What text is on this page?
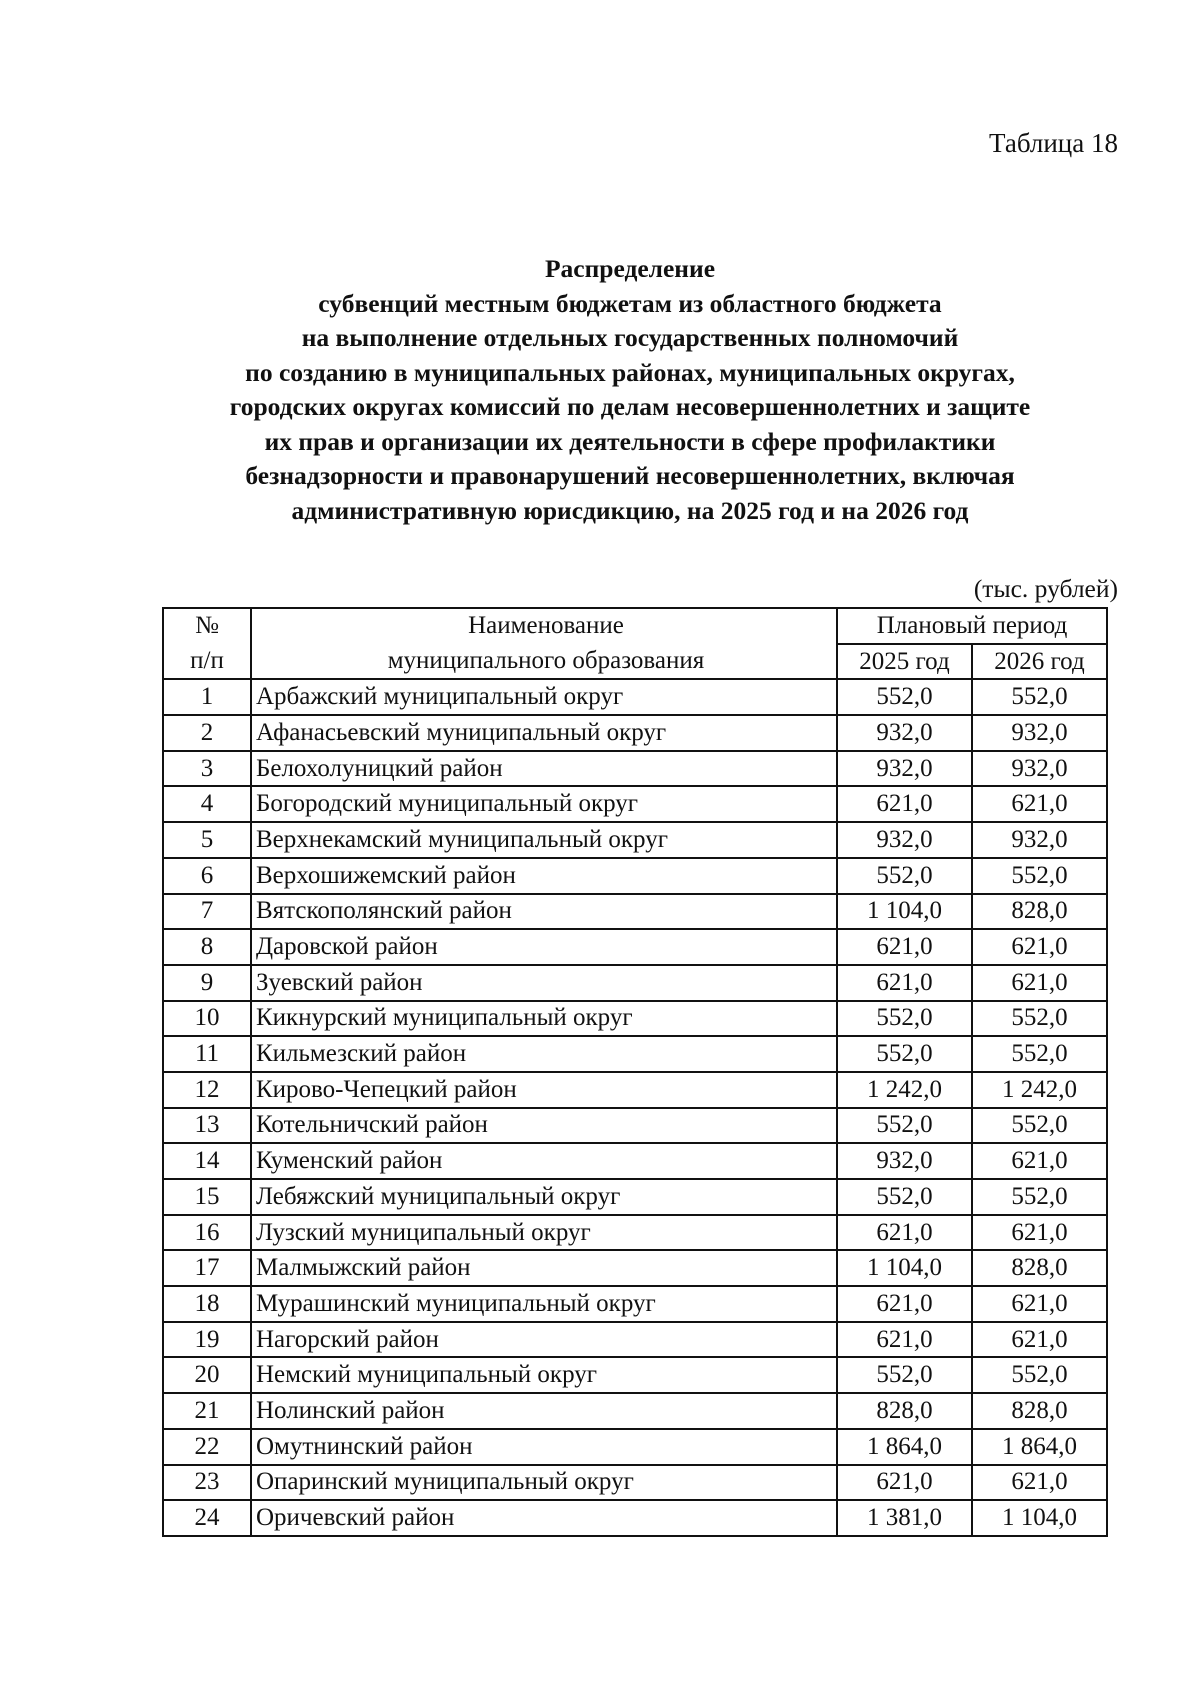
Таблица 18
Распределение
субвенций местным бюджетам из областного бюджета
на выполнение отдельных государственных полномочий
по созданию в муниципальных районах, муниципальных округах,
городских округах комиссий по делам несовершеннолетних и защите
их прав и организации их деятельности в сфере профилактики
безнадзорности и правонарушений несовершеннолетних, включая
административную юрисдикцию, на 2025 год и на 2026 год
(тыс. рублей)
№	Наименование	Плановый период	
п/п	муниципального образования	2025 год	2026 год
1	Арбажский муниципальный округ	552,0	552,0
2	Афанасьевский муниципальный округ	932,0	932,0
3	Белохолуницкий район	932,0	932,0
4	Богородский муниципальный округ	621,0	621,0
5	Верхнекамский муниципальный округ	932,0	932,0
6	Верхошижемский район	552,0	552,0
7	Вятскополянский район	1 104,0	828,0
8	Даровской район	621,0	621,0
9	Зуевский район	621,0	621,0
10	Кикнурский муниципальный округ	552,0	552,0
11	Кильмезский район	552,0	552,0
12	Кирово-Чепецкий район	1 242,0	1 242,0
13	Котельничский район	552,0	552,0
14	Куменский район	932,0	621,0
15	Лебяжский муниципальный округ	552,0	552,0
16	Лузский муниципальный округ	621,0	621,0
17	Малмыжский район	1 104,0	828,0
18	Мурашинский муниципальный округ	621,0	621,0
19	Нагорский район	621,0	621,0
20	Немский муниципальный округ	552,0	552,0
21	Нолинский район	828,0	828,0
22	Омутнинский район	1 864,0	1 864,0
23	Опаринский муниципальный округ	621,0	621,0
24	Оричевский район	1 381,0	1 104,0
